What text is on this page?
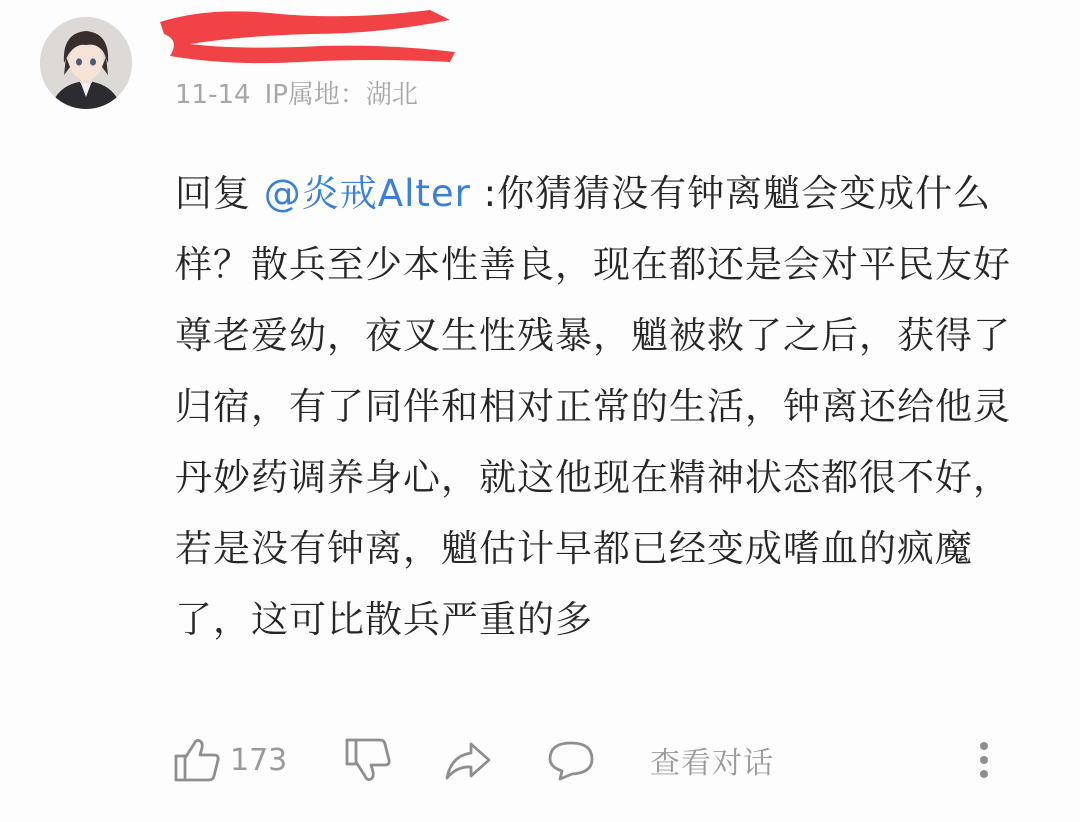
11-14 IP属地：湖北
回复 @炎戒Alter :你猜猜没有钟离魈会变成什么样？散兵至少本性善良，现在都还是会对平民友好尊老爱幼，夜叉生性残暴，魈被救了之后，获得了归宿，有了同伴和相对正常的生活，钟离还给他灵丹妙药调养身心，就这他现在精神状态都很不好，若是没有钟离，魈估计早都已经变成嗜血的疯魔了，这可比散兵严重的多
173	查看对话
